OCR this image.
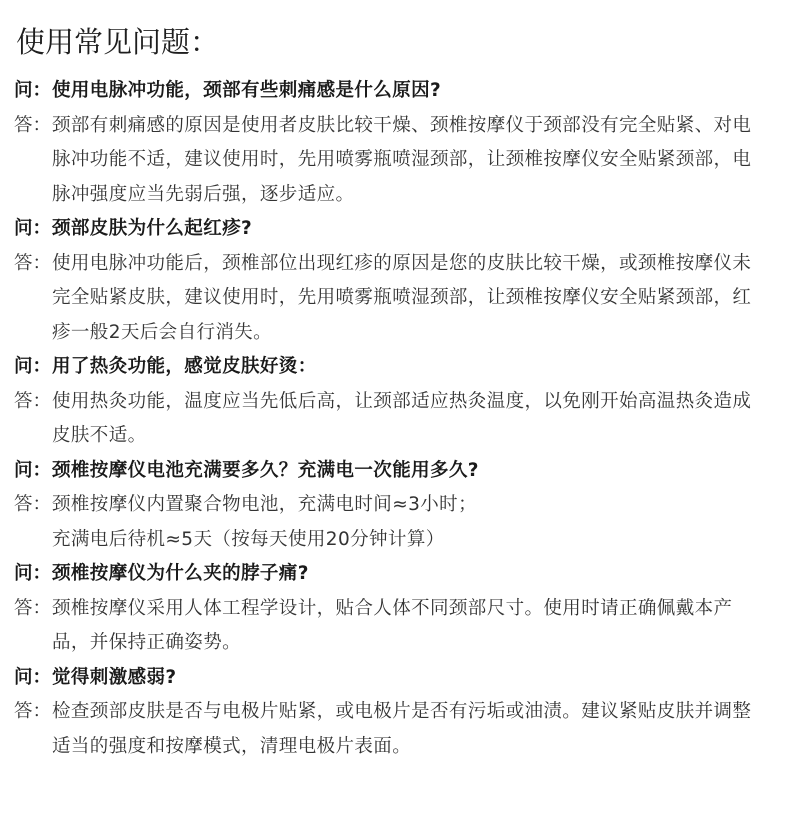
使用常见问题：
问： 使用电脉冲功能，颈部有些刺痛感是什么原因?
答： 颈部有刺痛感的原因是使用者皮肤比较干燥、颈椎按摩仪于颈部没有完全贴紧、对电脉冲功能不适，建议使用时，先用喷雾瓶喷湿颈部，让颈椎按摩仪安全贴紧颈部，电脉冲强度应当先弱后强，逐步适应。
问： 颈部皮肤为什么起红疹?
答： 使用电脉冲功能后，颈椎部位出现红疹的原因是您的皮肤比较干燥，或颈椎按摩仪未完全贴紧皮肤，建议使用时，先用喷雾瓶喷湿颈部，让颈椎按摩仪安全贴紧颈部，红疹一般2天后会自行消失。
问： 用了热灸功能，感觉皮肤好烫：
答： 使用热灸功能，温度应当先低后高，让颈部适应热灸温度，以免刚开始高温热灸造成皮肤不适。
问： 颈椎按摩仪电池充满要多久？充满电一次能用多久?
答： 颈椎按摩仪内置聚合物电池，充满电时间≈3小时；
充满电后待机≈5天（按每天使用20分钟计算）
问： 颈椎按摩仪为什么夹的脖子痛?
答： 颈椎按摩仪采用人体工程学设计，贴合人体不同颈部尺寸。使用时请正确佩戴本产品，并保持正确姿势。
问： 觉得刺激感弱?
答： 检查颈部皮肤是否与电极片贴紧，或电极片是否有污垢或油渍。建议紧贴皮肤并调整适当的强度和按摩模式，清理电极片表面。
